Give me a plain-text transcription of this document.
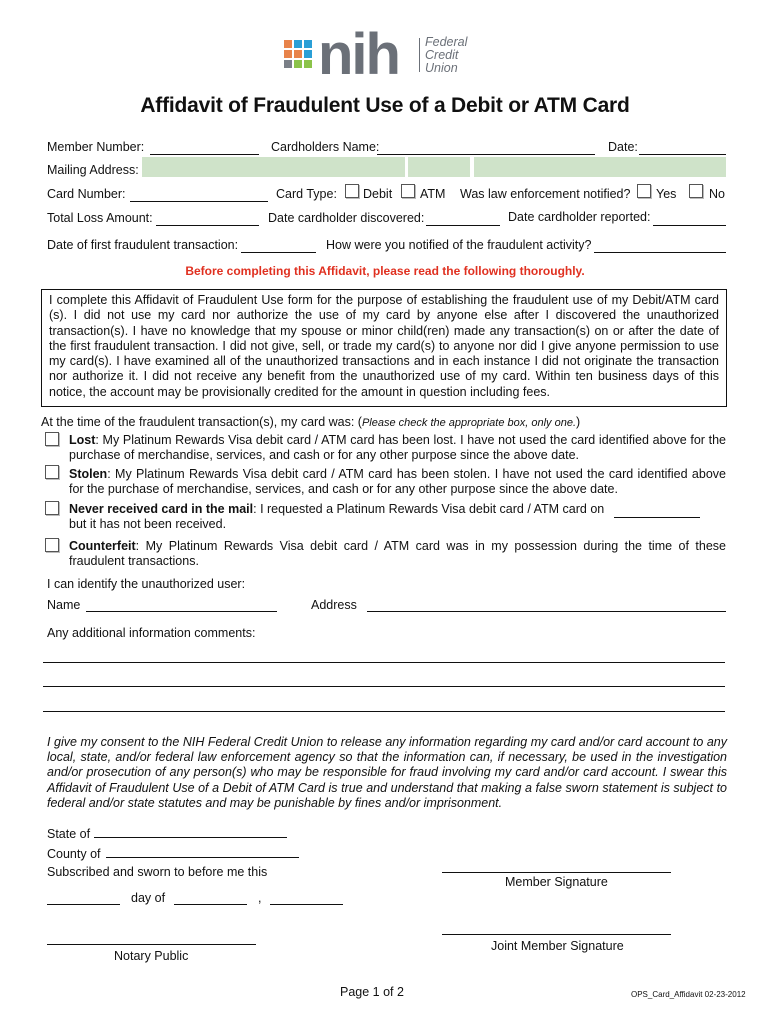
nih Federal
Credit
Union
Affidavit of Fraudulent Use of a Debit or ATM Card
Member Number:	Cardholders Name:	Date:
Mailing Address:
Card Number:	Card Type: Debit ATM Was law enforcement notified? Yes	No
Total Loss Amount:	Date cardholder discovered:	Date cardholder reported:
Date of first fraudulent transaction:	How were you notified of the fraudulent activity?
Before completing this Affidavit, please read the following thoroughly.

I complete this Affidavit of Fraudulent Use form for the purpose of establishing the fraudulent use of my Debit/ATM card (s). I did not use my card nor authorize the use of my card by anyone else after I discovered the unauthorized transaction(s). I have no knowledge that my spouse or minor child(ren) made any transaction(s) on or after the date of the first fraudulent transaction. I did not give, sell, or trade my card(s) to anyone nor did I give anyone permission to use my card(s). I have examined all of the unauthorized transactions and in each instance I did not originate the transaction nor authorize it. I did not receive any benefit from the unauthorized use of my card. Within ten business days of this notice, the account may be provisionally credited for the amount in question including fees.

At the time of the fraudulent transaction(s), my card was: (Please check the appropriate box, only one.)
Lost: My Platinum Rewards Visa debit card / ATM card has been lost. I have not used the card identified above for the purchase of merchandise, services, and cash or for any other purpose since the above date.
Stolen: My Platinum Rewards Visa debit card / ATM card has been stolen. I have not used the card identified above for the purchase of merchandise, services, and cash or for any other purpose since the above date.
Never received card in the mail: I requested a Platinum Rewards Visa debit card / ATM card on
but it has not been received.
Counterfeit: My Platinum Rewards Visa debit card / ATM card was in my possession during the time of these fraudulent transactions.
I can identify the unauthorized user:
Name	Address
Any additional information comments:

I give my consent to the NIH Federal Credit Union to release any information regarding my card and/or card account to any local, state, and/or federal law enforcement agency so that the information can, if necessary, be used in the investigation and/or prosecution of any person(s) who may be responsible for fraud involving my card and/or card account. I swear this Affidavit of Fraudulent Use of a Debit of ATM Card is true and understand that making a false sworn statement is subject to federal and/or state statutes and may be punishable by fines and/or imprisonment.

State of
County of
Subscribed and sworn to before me this
day of	,
Notary Public
Member Signature
Joint Member Signature
Page 1 of 2	OPS_Card_Affidavit 02-23-2012
